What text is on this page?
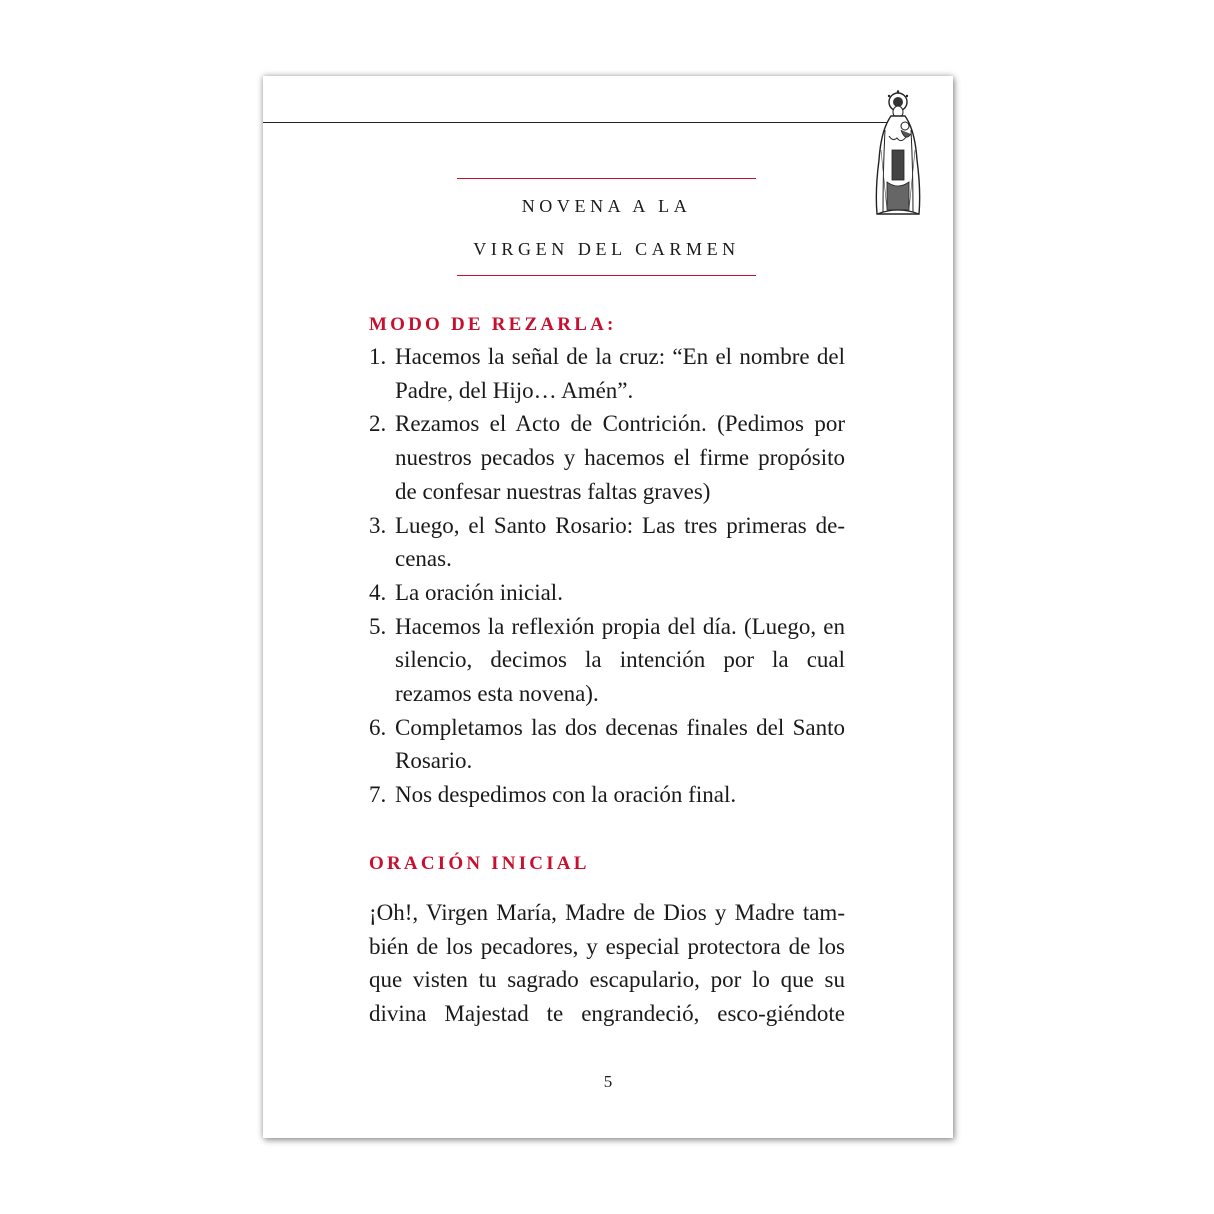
NOVENA A LA
VIRGEN DEL CARMEN
MODO DE REZARLA:
1. Hacemos la señal de la cruz: “En el nombre del Padre, del Hijo… Amén”.
2. Rezamos el Acto de Contrición. (Pedimos por nuestros pecados y hacemos el firme propósito de confesar nuestras faltas graves)
3. Luego, el Santo Rosario: Las tres primeras decenas.
4. La oración inicial.
5. Hacemos la reflexión propia del día. (Luego, en silencio, decimos la intención por la cual rezamos esta novena).
6. Completamos las dos decenas finales del Santo Rosario.
7. Nos despedimos con la oración final.
ORACIÓN INICIAL

¡Oh!, Virgen María, Madre de Dios y Madre también de los pecadores, y especial protectora de los que visten tu sagrado escapulario, por lo que su divina Majestad te engrandeció, esco-giéndote

5
